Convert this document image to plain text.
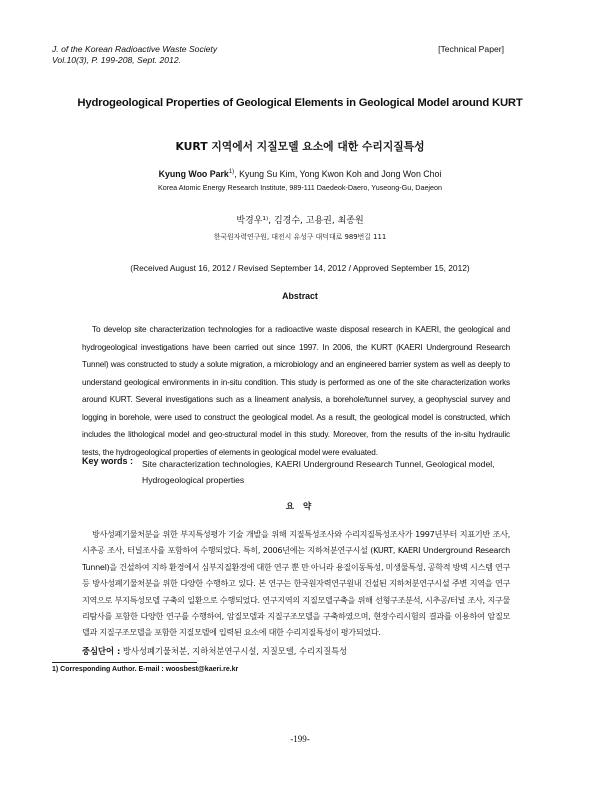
J. of the Korean Radioactive Waste Society
Vol.10(3), P. 199-208, Sept. 2012.
[Technical Paper]
Hydrogeological Properties of Geological Elements in Geological Model around KURT
KURT 지역에서 지질모델 요소에 대한 수리지질특성
Kyung Woo Park$^{1)}$, Kyung Su Kim, Yong Kwon Koh and Jong Won Choi
Korea Atomic Energy Research Institute, 989-111 Daedeok-Daero, Yuseong-Gu, Daejeon
박경우¹⁾, 김경수, 고용권, 최종원
한국원자력연구원, 대전시 유성구 대덕대로 989번길 111
(Received August 16, 2012 / Revised September 14, 2012 / Approved September 15, 2012)
Abstract
To develop site characterization technologies for a radioactive waste disposal research in KAERI, the geological and hydrogeological investigations have been carried out since 1997. In 2006, the KURT (KAERI Underground Research Tunnel) was constructed to study a solute migration, a microbiology and an engineered barrier system as well as deeply to understand geological environments in in-situ condition. This study is performed as one of the site characterization works around KURT. Several investigations such as a lineament analysis, a borehole/tunnel survey, a geophyscial survey and logging in borehole, were used to construct the geological model. As a result, the geological model is constructed, which includes the lithological model and geo-structural model in this study. Moreover, from the results of the in-situ hydraulic tests, the hydrogeological properties of elements in geological model were evaluated.
Key words : Site characterization technologies, KAERI Underground Research Tunnel, Geological model, Hydrogeological properties
요 약
방사성폐기물처분을 위한 부지특성평가 기술 개발을 위해 지질특성조사와 수리지질특성조사가 1997년부터 지표기반 조사, 시추공 조사, 터널조사를 포함하여 수행되었다. 특히, 2006년에는 지하처분연구시설 (KURT, KAERI Underground Research Tunnel)을 건설하여 지하 환경에서 심부지질환경에 대한 연구 뿐 만 아니라 용질이동특성, 미생물특성, 공학적 방벽 시스템 연구 등 방사성폐기물처분을 위한 다양한 수행하고 있다. 본 연구는 한국원자력연구원내 건설된 지하처분연구시설 주변 지역을 연구지역으로 부지특성모델 구축의 일환으로 수행되었다. 연구지역의 지질모델구축을 위해 선형구조분석, 시추공/터널 조사, 지구물리탐사를 포함한 다양한 연구를 수행하여, 암질모델과 지질구조모델을 구축하였으며, 현장수리시험의 결과를 이용하여 암질모델과 지질구조모델을 포함한 지질모델에 입력된 요소에 대한 수리지질특성이 평가되었다.
중심단어 : 방사성폐기물처분, 지하처분연구시설, 지질모델, 수리지질특성
1) Corresponding Author. E-mail : woosbest@kaeri.re.kr
-199-
